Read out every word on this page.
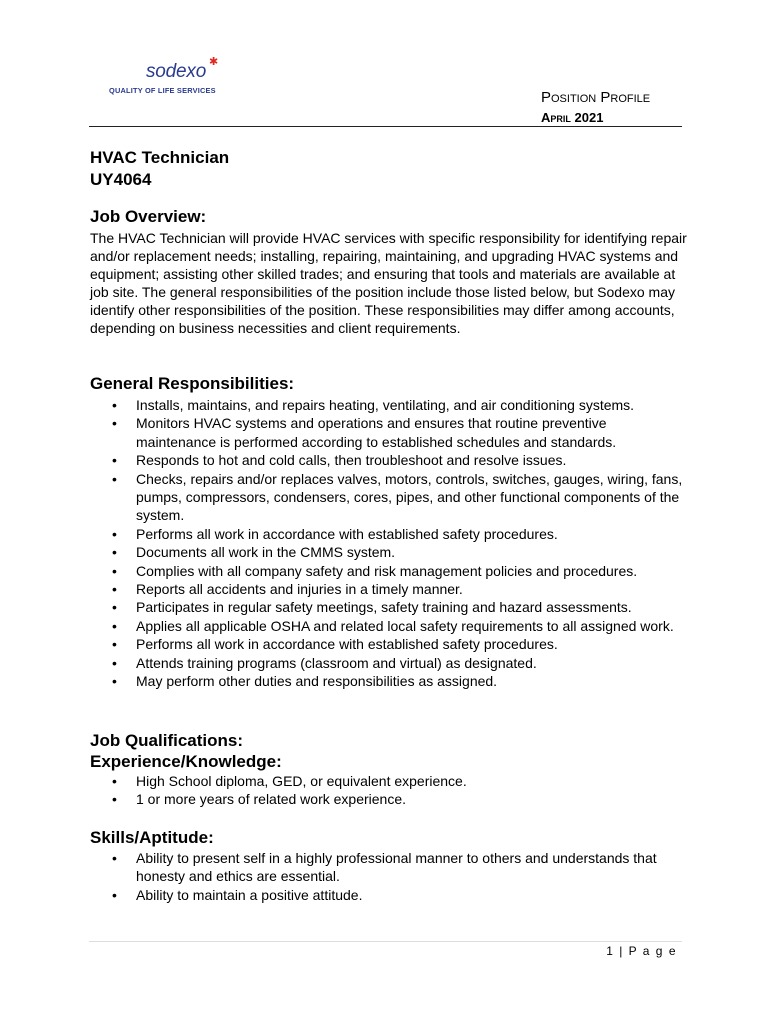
sodexo ✱
QUALITY OF LIFE SERVICES	Position Profile
April 2021
HVAC Technician
UY4064
Job Overview:
The HVAC Technician will provide HVAC services with specific responsibility for identifying repair and/or replacement needs; installing, repairing, maintaining, and upgrading HVAC systems and equipment; assisting other skilled trades; and ensuring that tools and materials are available at job site. The general responsibilities of the position include those listed below, but Sodexo may identify other responsibilities of the position. These responsibilities may differ among accounts, depending on business necessities and client requirements.
General Responsibilities:
• Installs, maintains, and repairs heating, ventilating, and air conditioning systems.
• Monitors HVAC systems and operations and ensures that routine preventive maintenance is performed according to established schedules and standards.
• Responds to hot and cold calls, then troubleshoot and resolve issues.
• Checks, repairs and/or replaces valves, motors, controls, switches, gauges, wiring, fans, pumps, compressors, condensers, cores, pipes, and other functional components of the system.
• Performs all work in accordance with established safety procedures.
• Documents all work in the CMMS system.
• Complies with all company safety and risk management policies and procedures.
• Reports all accidents and injuries in a timely manner.
• Participates in regular safety meetings, safety training and hazard assessments.
• Applies all applicable OSHA and related local safety requirements to all assigned work.
• Performs all work in accordance with established safety procedures.
• Attends training programs (classroom and virtual) as designated.
• May perform other duties and responsibilities as assigned.
Job Qualifications:
Experience/Knowledge:
• High School diploma, GED, or equivalent experience.
• 1 or more years of related work experience.
Skills/Aptitude:
• Ability to present self in a highly professional manner to others and understands that honesty and ethics are essential.
• Ability to maintain a positive attitude.
1 | P a g e
